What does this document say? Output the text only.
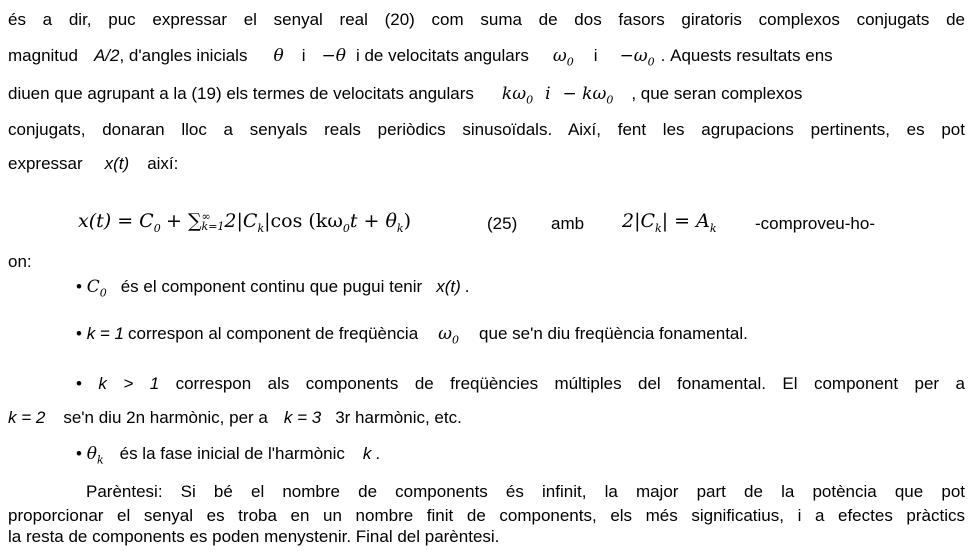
és a dir, puc expressar el senyal real (20) com suma de dos fasors giratoris complexos conjugats de
magnitud A/2, d'angles inicials θ i −θ i de velocitats angulars $\omega_0$ $i -\omega_0$ . Aquests resultats ens
diuen que agrupant a la (19) els termes de velocitats angulars $k\omega_0$ $i - k\omega_0$ , que seran complexos
conjugats, donaran lloc a senyals reals periòdics sinusoïdals. Així, fent les agrupacions pertinents, es pot
expressar x(t) així:
$x(t) = C_0$ + ∑ ∞
k=1 $2|C_k|\cos$ $(k\omega_0t + \theta_k)$	(25) amb $2|C_k| = A_k$ -comproveu-ho-
on:
• $C_0$ és el component continu que pugui tenir x(t) .
• k = 1 correspon al component de freqüència $\omega_0$ que se'n diu freqüència fonamental.
• k > 1 correspon als components de freqüències múltiples del fonamental. El component per a
k = 2 se'n diu 2n harmònic, per a k = 3 3r harmònic, etc.
• $\theta_k$ és la fase inicial de l'harmònic k .
Parèntesi: Si bé el nombre de components és infinit, la major part de la potència que pot
proporcionar el senyal es troba en un nombre finit de components, els més significatius, i a efectes pràctics
la resta de components es poden menystenir. Final del parèntesi.
